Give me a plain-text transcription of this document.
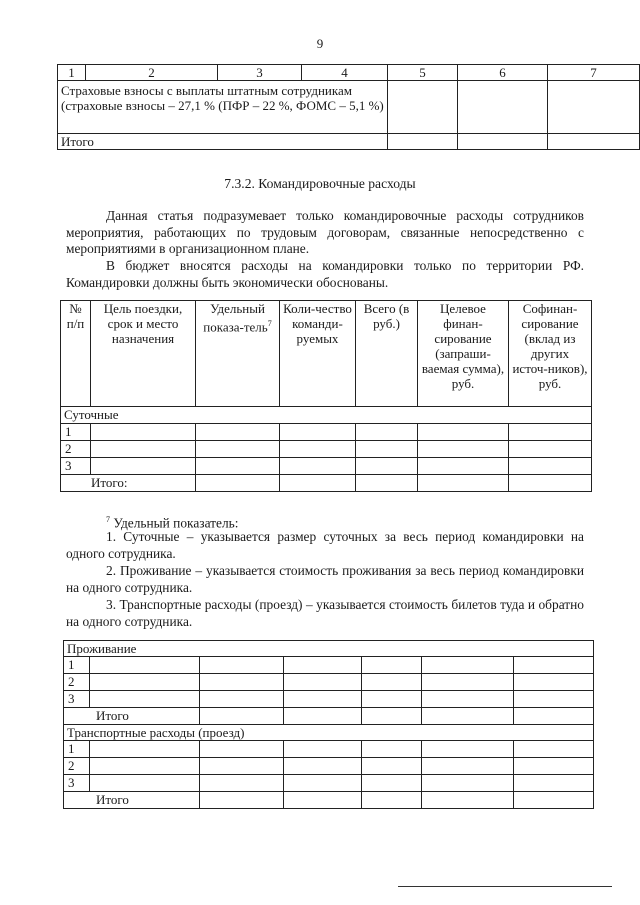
9
1	2	3	4	5	6	7
Страховые взносы с выплаты штатным сотрудникам (страховые взносы – 27,1 % (ПФР – 22 %, ФОМС – 5,1 %)						
Итого						
7.3.2. Командировочные расходы
Данная статья подразумевает только командировочные расходы сотрудников мероприятия, работающих по трудовым договорам, связанные непосредственно с мероприятиями в организационном плане.
В бюджет вносятся расходы на командировки только по территории РФ. Командировки должны быть экономически обоснованы.
№ п/п	Цель поездки, срок и место назначения	Удельный показа-тель$^7$	Коли-чество команди-руемых	Всего (в руб.)	Целевое финан-сирование (запраши-ваемая сумма), руб.	Софинан-сирование (вклад из других источ-ников), руб.
Суточные						
1						
2						
3						
Итого:						
$^7$ Удельный показатель:
1. Суточные – указывается размер суточных за весь период командировки на одного сотрудника.
2. Проживание – указывается стоимость проживания за весь период командировки на одного сотрудника.
3. Транспортные расходы (проезд) – указывается стоимость билетов туда и обратно на одного сотрудника.
Проживание						
1						
2						
3						
Итого						
Транспортные расходы (проезд)						
1						
2						
3						
Итого						
